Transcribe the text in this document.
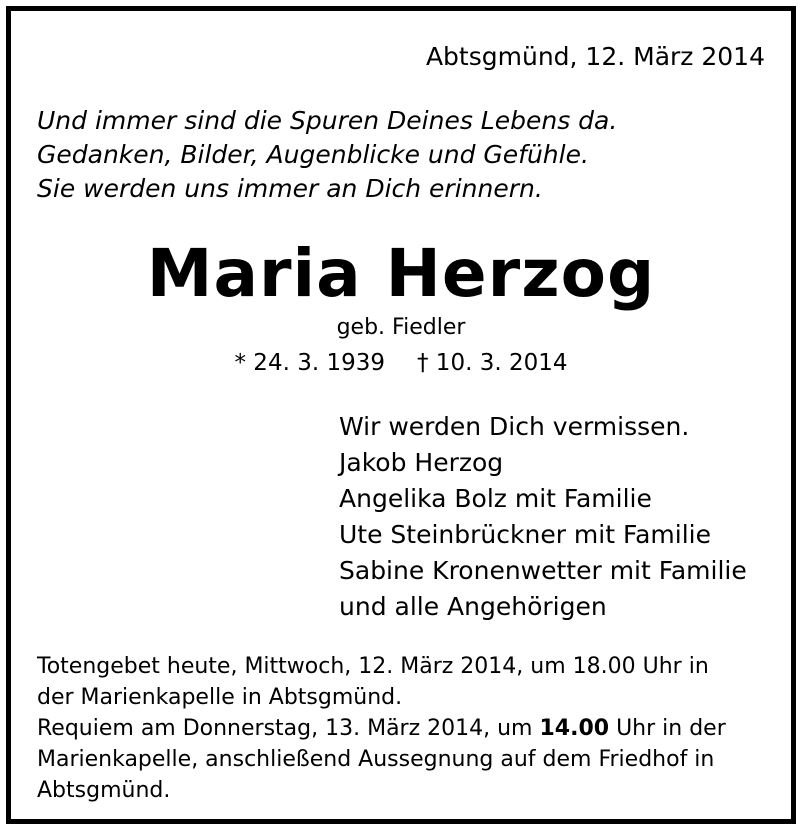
Abtsgmünd, 12. März 2014
Und immer sind die Spuren Deines Lebens da.
Gedanken, Bilder, Augenblicke und Gefühle.
Sie werden uns immer an Dich erinnern.
Maria Herzog
geb. Fiedler
* 24. 3. 1939 † 10. 3. 2014
Wir werden Dich vermissen.
Jakob Herzog
Angelika Bolz mit Familie
Ute Steinbrückner mit Familie
Sabine Kronenwetter mit Familie
und alle Angehörigen
Totengebet heute, Mittwoch, 12. März 2014, um 18.00 Uhr in
der Marienkapelle in Abtsgmünd.
Requiem am Donnerstag, 13. März 2014, um 14.00 Uhr in der
Marienkapelle, anschließend Aussegnung auf dem Friedhof in
Abtsgmünd.
